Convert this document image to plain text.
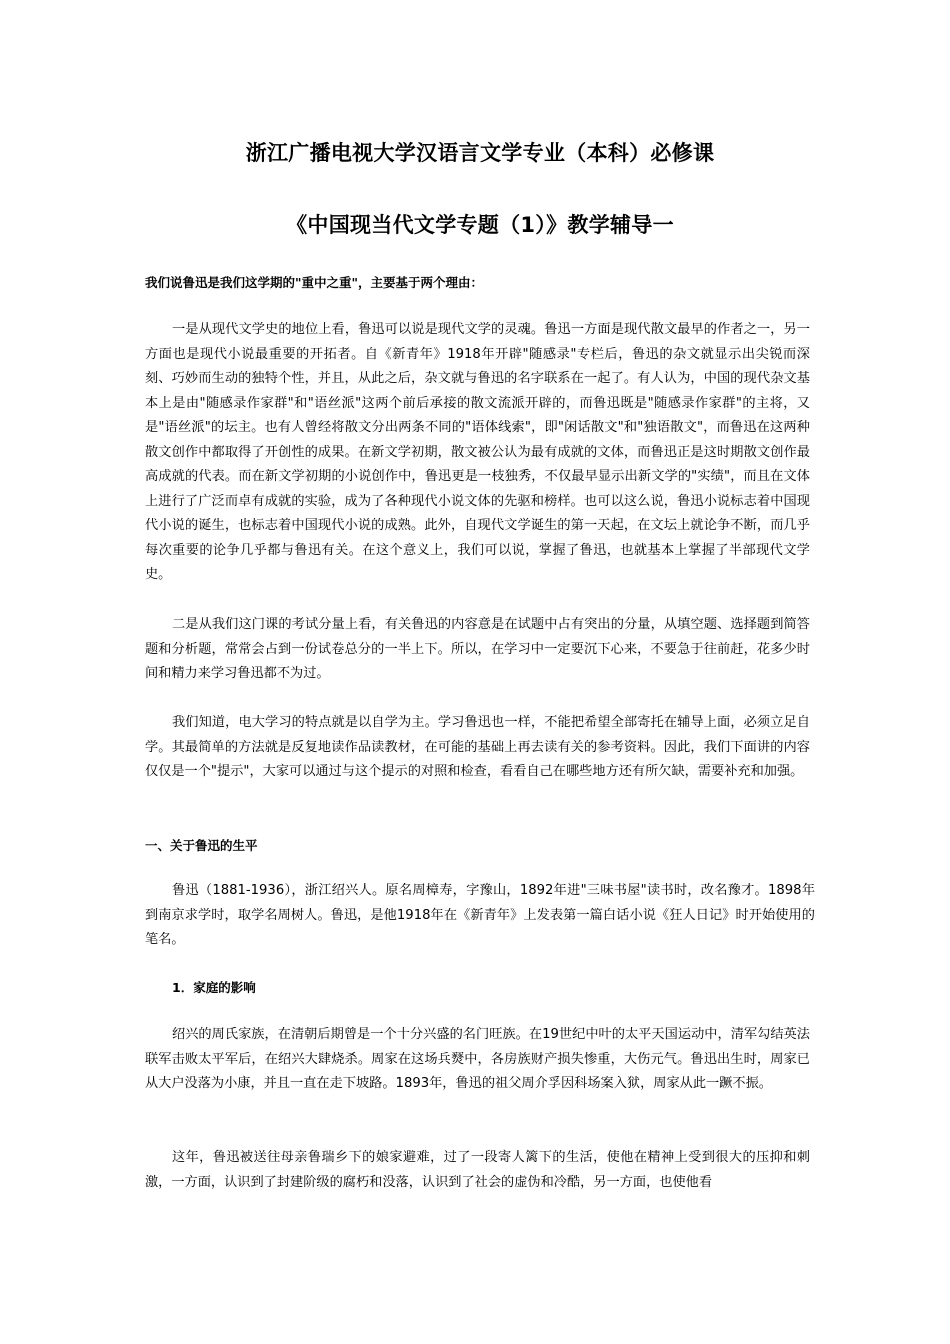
浙江广播电视大学汉语言文学专业（本科）必修课
《中国现当代文学专题（1）》教学辅导一
我们说鲁迅是我们这学期的"重中之重"，主要基于两个理由：

一是从现代文学史的地位上看，鲁迅可以说是现代文学的灵魂。鲁迅一方面是现代散文最早的作者之一，另一方面也是现代小说最重要的开拓者。自《新青年》1918年开辟"随感录"专栏后，鲁迅的杂文就显示出尖锐而深刻、巧妙而生动的独特个性，并且，从此之后，杂文就与鲁迅的名字联系在一起了。有人认为，中国的现代杂文基本上是由"随感录作家群"和"语丝派"这两个前后承接的散文流派开辟的，而鲁迅既是"随感录作家群"的主将，又是"语丝派"的坛主。也有人曾经将散文分出两条不同的"语体线索"，即"闲话散文"和"独语散文"，而鲁迅在这两种散文创作中都取得了开创性的成果。在新文学初期，散文被公认为最有成就的文体，而鲁迅正是这时期散文创作最高成就的代表。而在新文学初期的小说创作中，鲁迅更是一枝独秀，不仅最早显示出新文学的"实绩"，而且在文体上进行了广泛而卓有成就的实验，成为了各种现代小说文体的先驱和榜样。也可以这么说，鲁迅小说标志着中国现代小说的诞生，也标志着中国现代小说的成熟。此外，自现代文学诞生的第一天起，在文坛上就论争不断，而几乎每次重要的论争几乎都与鲁迅有关。在这个意义上，我们可以说，掌握了鲁迅，也就基本上掌握了半部现代文学史。

二是从我们这门课的考试分量上看，有关鲁迅的内容意是在试题中占有突出的分量，从填空题、选择题到简答题和分析题，常常会占到一份试卷总分的一半上下。所以，在学习中一定要沉下心来，不要急于往前赶，花多少时间和精力来学习鲁迅都不为过。

我们知道，电大学习的特点就是以自学为主。学习鲁迅也一样，不能把希望全部寄托在辅导上面，必须立足自学。其最简单的方法就是反复地读作品读教材，在可能的基础上再去读有关的参考资料。因此，我们下面讲的内容仅仅是一个"提示"，大家可以通过与这个提示的对照和检查，看看自己在哪些地方还有所欠缺，需要补充和加强。

一、关于鲁迅的生平

鲁迅（1881-1936），浙江绍兴人。原名周樟寿，字豫山，1892年进"三味书屋"读书时，改名豫才。1898年到南京求学时，取学名周树人。鲁迅，是他1918年在《新青年》上发表第一篇白话小说《狂人日记》时开始使用的笔名。

1．家庭的影响

绍兴的周氏家族，在清朝后期曾是一个十分兴盛的名门旺族。在19世纪中叶的太平天国运动中，清军勾结英法联军击败太平军后，在绍兴大肆烧杀。周家在这场兵燹中，各房族财产损失惨重，大伤元气。鲁迅出生时，周家已从大户没落为小康，并且一直在走下坡路。1893年，鲁迅的祖父周介孚因科场案入狱，周家从此一蹶不振。

这年，鲁迅被送往母亲鲁瑞乡下的娘家避难，过了一段寄人篱下的生活，使他在精神上受到很大的压抑和刺激，一方面，认识到了封建阶级的腐朽和没落，认识到了社会的虚伪和冷酷，另一方面，也使他看
